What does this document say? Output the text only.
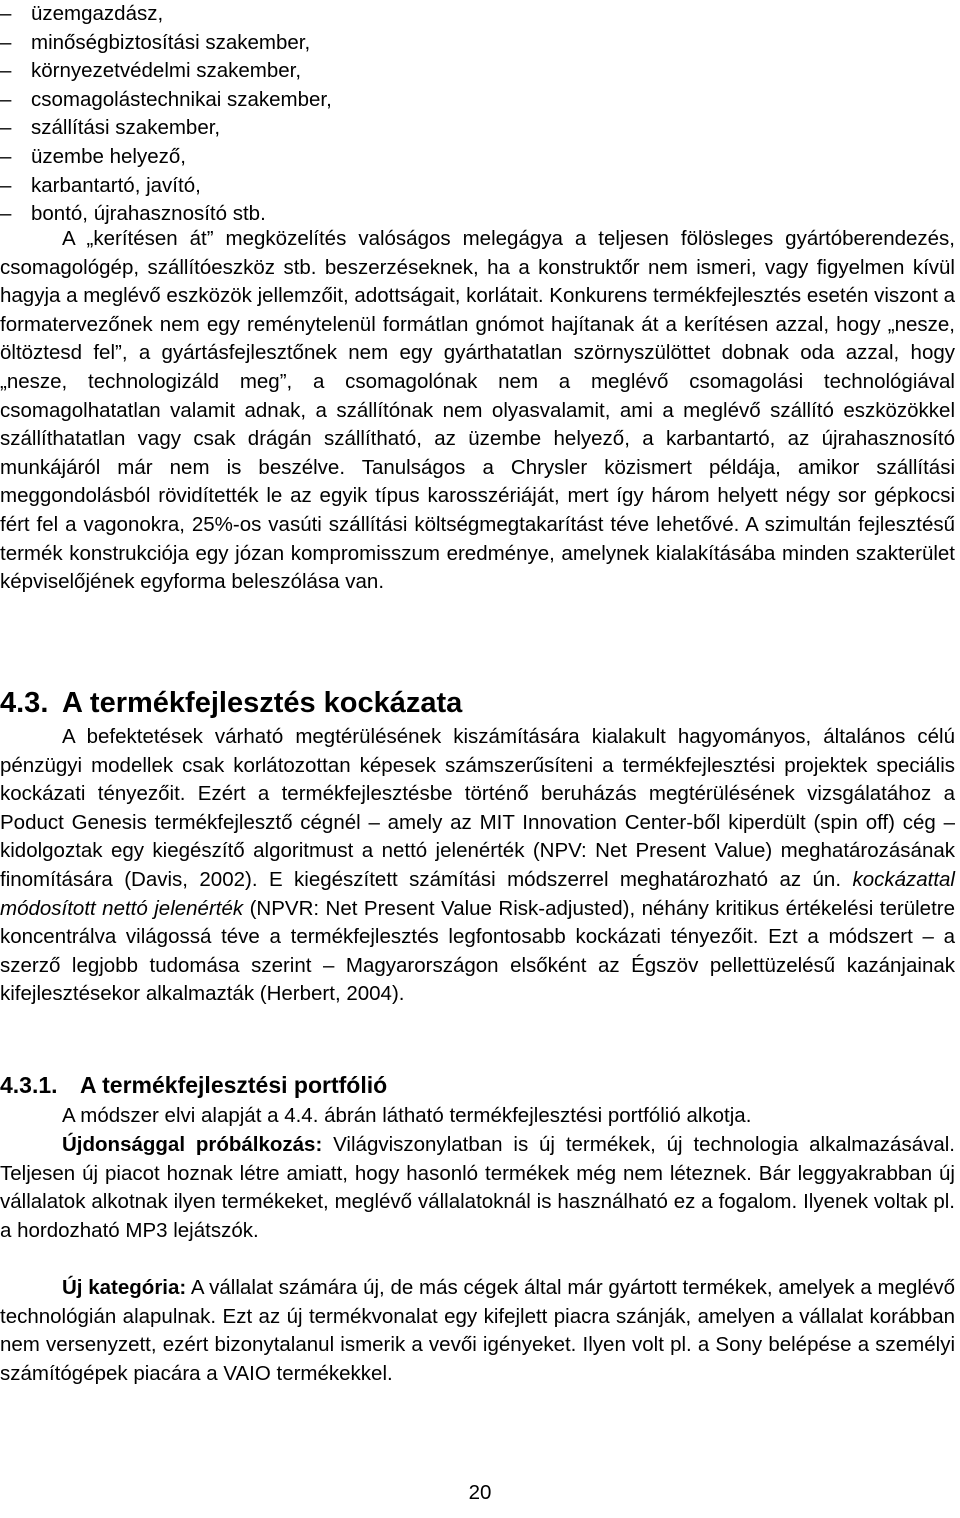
– üzemgazdász,
– minőségbiztosítási szakember,
– környezetvédelmi szakember,
– csomagolástechnikai szakember,
– szállítási szakember,
– üzembe helyező,
– karbantartó, javító,
– bontó, újrahasznosító stb.

A „kerítésen át” megközelítés valóságos melegágya a teljesen fölösleges gyártóberendezés, csomagológép, szállítóeszköz stb. beszerzéseknek, ha a konstruktőr nem ismeri, vagy figyelmen kívül hagyja a meglévő eszközök jellemzőit, adottságait, korlátait. Konkurens termékfejlesztés esetén viszont a formatervezőnek nem egy reménytelenül formátlan gnómot hajítanak át a kerítésen azzal, hogy „nesze, öltöztesd fel”, a gyártásfejlesztőnek nem egy gyárthatatlan szörnyszülöttet dobnak oda azzal, hogy „nesze, technologizáld meg”, a csomagolónak nem a meglévő csomagolási technológiával csomagolhatatlan valamit adnak, a szállítónak nem olyasvalamit, ami a meglévő szállító eszközökkel szállíthatatlan vagy csak drágán szállítható, az üzembe helyező, a karbantartó, az újrahasznosító munkájáról már nem is beszélve. Tanulságos a Chrysler közismert példája, amikor szállítási meggondolásból rövidítették le az egyik típus karosszériáját, mert így három helyett négy sor gépkocsi fért fel a vagonokra, 25%-os vasúti szállítási költségmegtakarítást téve lehetővé. A szimultán fejlesztésű termék konstrukciója egy józan kompromisszum eredménye, amelynek kialakításába minden szakterület képviselőjének egyforma beleszólása van.

4.3. A termékfejlesztés kockázata

A befektetések várható megtérülésének kiszámítására kialakult hagyományos, általános célú pénzügyi modellek csak korlátozottan képesek számszerűsíteni a termékfejlesztési projektek speciális kockázati tényezőit. Ezért a termékfejlesztésbe történő beruházás megtérülésének vizsgálatához a Poduct Genesis termékfejlesztő cégnél – amely az MIT Innovation Center-ből kiperdült (spin off) cég – kidolgoztak egy kiegészítő algoritmust a nettó jelenérték (NPV: Net Present Value) meghatározásának finomítására (Davis, 2002). E kiegészített számítási módszerrel meghatározható az ún. kockázattal módosított nettó jelenérték (NPVR: Net Present Value Risk-adjusted), néhány kritikus értékelési területre koncentrálva világossá téve a termékfejlesztés legfontosabb kockázati tényezőit. Ezt a módszert – a szerző legjobb tudomása szerint – Magyarországon elsőként az Égszöv pellettüzelésű kazánjainak kifejlesztésekor alkalmazták (Herbert, 2004).

4.3.1. A termékfejlesztési portfólió

A módszer elvi alapját a 4.4. ábrán látható termékfejlesztési portfólió alkotja.

Újdonsággal próbálkozás: Világviszonylatban is új termékek, új technologia alkalmazásával. Teljesen új piacot hoznak létre amiatt, hogy hasonló termékek még nem léteznek. Bár leggyakrabban új vállalatok alkotnak ilyen termékeket, meglévő vállalatoknál is használható ez a fogalom. Ilyenek voltak pl. a hordozható MP3 lejátszók.

Új kategória: A vállalat számára új, de más cégek által már gyártott termékek, amelyek a meglévő technológián alapulnak. Ezt az új termékvonalat egy kifejlett piacra szánják, amelyen a vállalat korábban nem versenyzett, ezért bizonytalanul ismerik a vevői igényeket. Ilyen volt pl. a Sony belépése a személyi számítógépek piacára a VAIO termékekkel.

20
